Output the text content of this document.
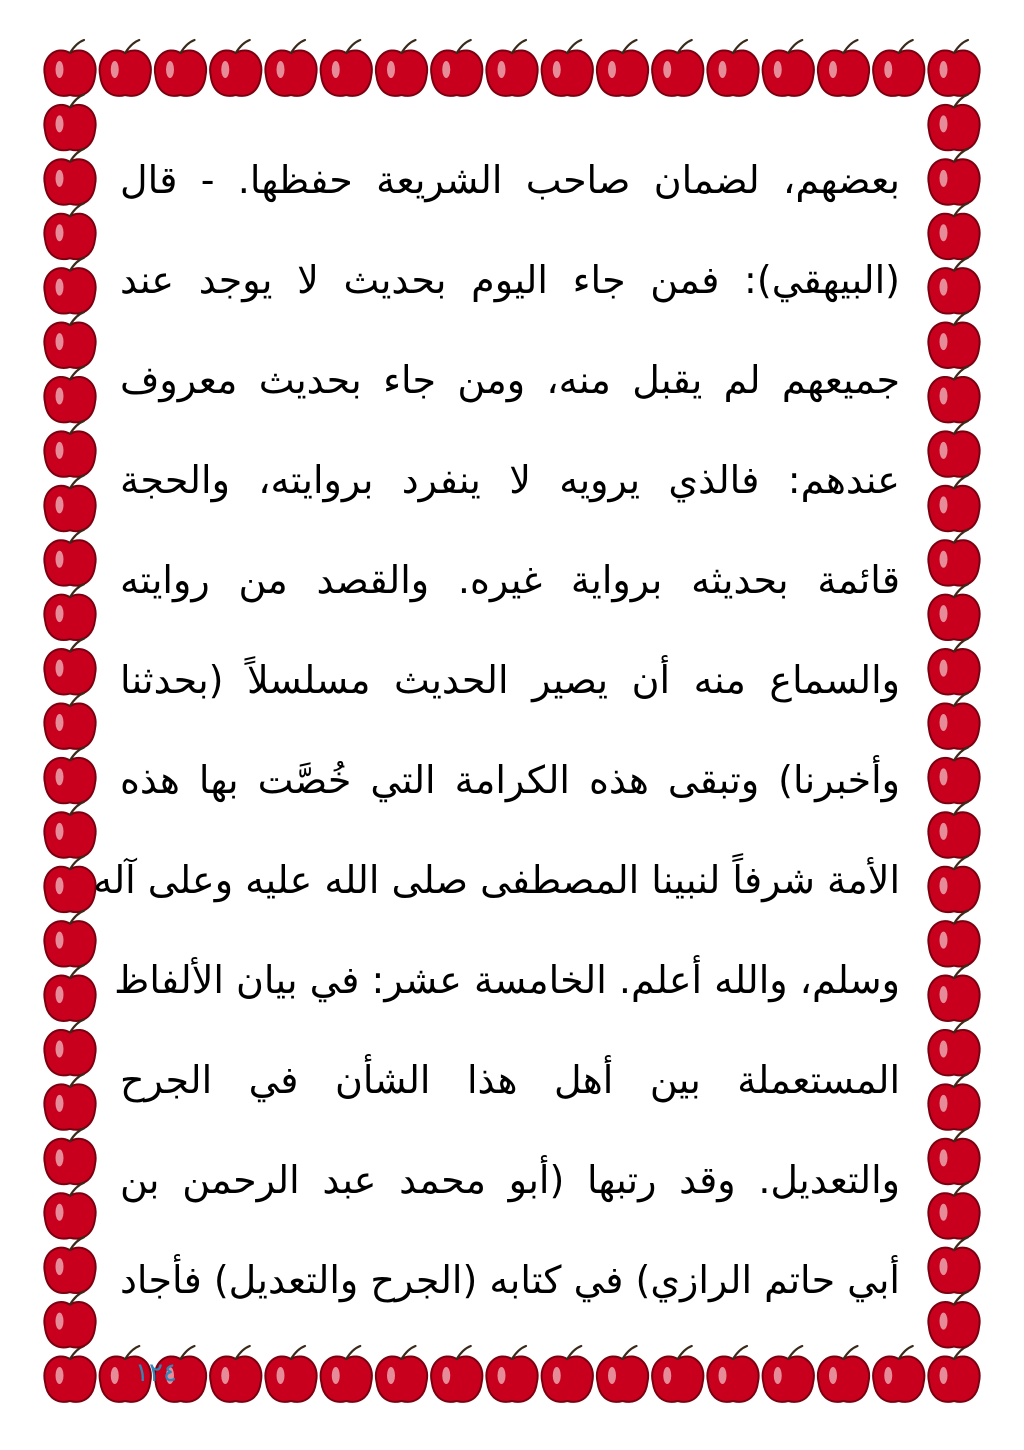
بعضهم، لضمان صاحب الشريعة حفظها. - قال
(البيهقي): فمن جاء اليوم بحديث لا يوجد عند
جميعهم لم يقبل منه، ومن جاء بحديث معروف
عندهم: فالذي يرويه لا ينفرد بروايته، والحجة
قائمة بحديثه برواية غيره. والقصد من روايته
والسماع منه أن يصير الحديث مسلسلاً (بحدثنا
وأخبرنا) وتبقى هذه الكرامة التي خُصَّت بها هذه
الأمة شرفاً لنبينا المصطفى صلى الله عليه وعلى آله
وسلم، والله أعلم. الخامسة عشر: في بيان الألفاظ
المستعملة بين أهل هذا الشأن في الجرح
والتعديل. وقد رتبها (أبو محمد عبد الرحمن بن
أبي حاتم الرازي) في كتابه (الجرح والتعديل) فأجاد
١٢٤
